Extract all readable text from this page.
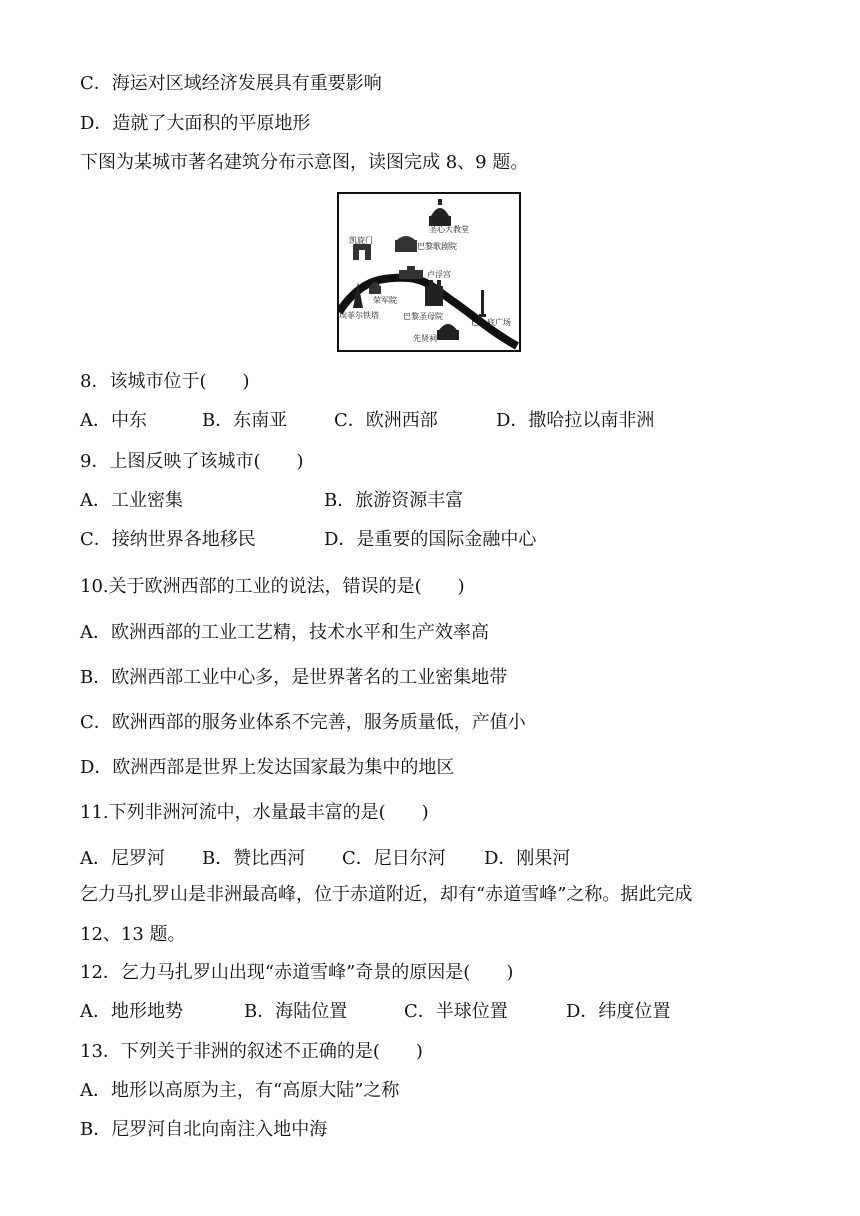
C．海运对区域经济发展具有重要影响
D．造就了大面积的平原地形
下图为某城市著名建筑分布示意图，读图完成 8、9 题。
圣心大教堂
凯旋门
巴黎歌剧院
卢浮宫
荣军院
埃菲尔铁塔	巴黎圣母院
巴士底广场
先贤祠
8．该城市位于(　　)
A．中东	B．东南亚	C．欧洲西部	D．撒哈拉以南非洲
9．上图反映了该城市(　　)
A．工业密集	B．旅游资源丰富
C．接纳世界各地移民	D．是重要的国际金融中心
10.关于欧洲西部的工业的说法，错误的是(　　)
A．欧洲西部的工业工艺精，技术水平和生产效率高
B．欧洲西部工业中心多，是世界著名的工业密集地带
C．欧洲西部的服务业体系不完善，服务质量低，产值小
D．欧洲西部是世界上发达国家最为集中的地区
11.下列非洲河流中，水量最丰富的是(　　)
A．尼罗河 B．赞比西河 C．尼日尔河 D．刚果河
乞力马扎罗山是非洲最高峰，位于赤道附近，却有“赤道雪峰”之称。据此完成
12、13 题。
12．乞力马扎罗山出现“赤道雪峰”奇景的原因是(　　)
A．地形地势	B．海陆位置	C．半球位置	D．纬度位置
13．下列关于非洲的叙述不正确的是(　　)
A．地形以高原为主，有“高原大陆”之称
B．尼罗河自北向南注入地中海
